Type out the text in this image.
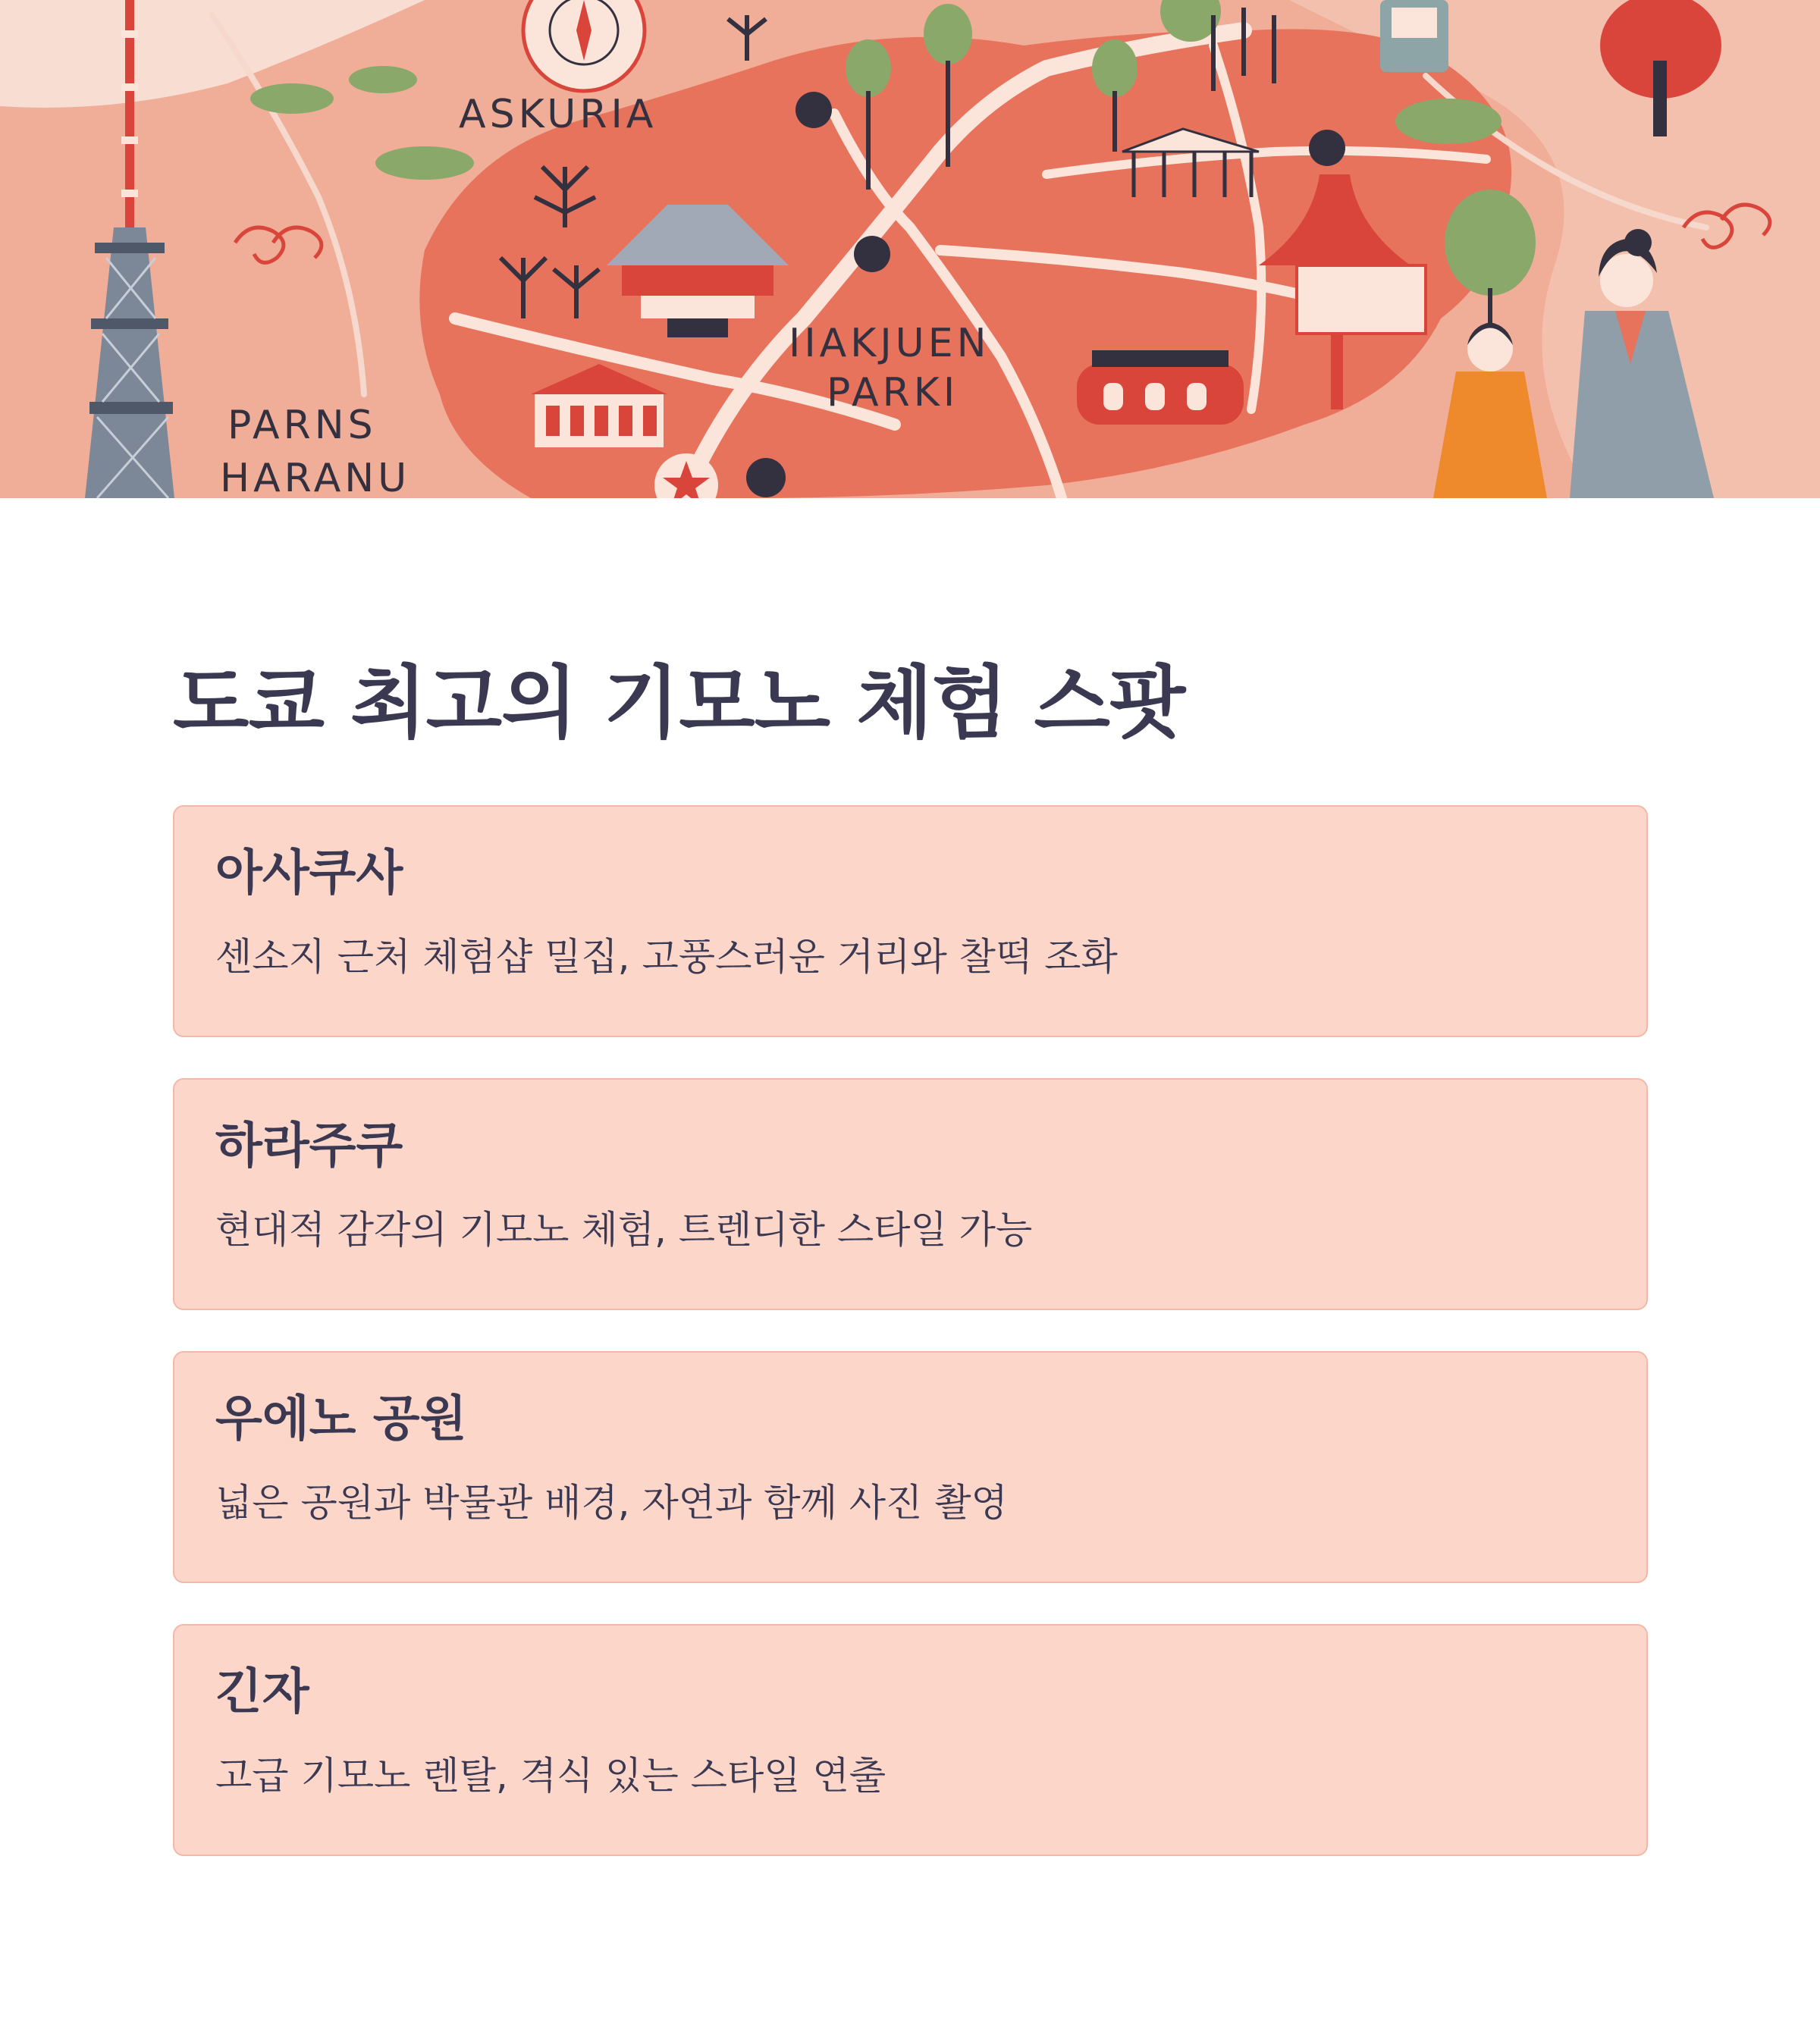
ASKURIA
IIAKJUEN
PARKI
PARNS
HARANU
도쿄 최고의 기모노 체험 스팟
아사쿠사

센소지 근처 체험샵 밀집, 고풍스러운 거리와 찰떡 조화

하라주쿠

현대적 감각의 기모노 체험, 트렌디한 스타일 가능

우에노 공원

넓은 공원과 박물관 배경, 자연과 함께 사진 촬영

긴자

고급 기모노 렌탈, 격식 있는 스타일 연출
